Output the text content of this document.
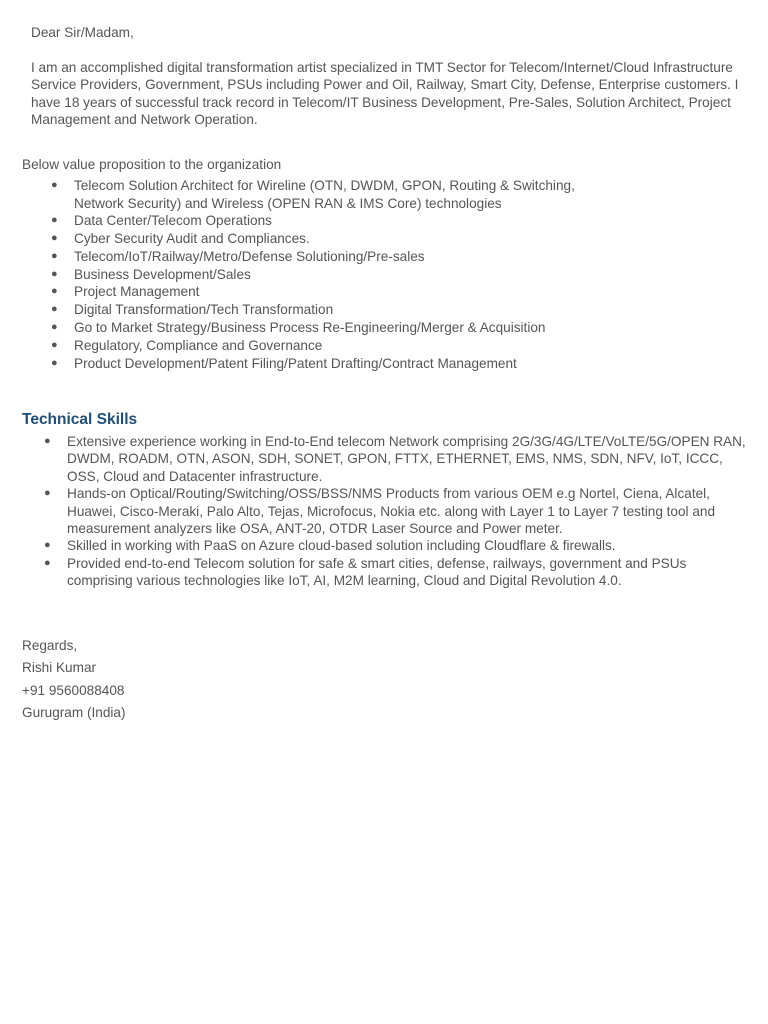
Dear Sir/Madam,

I am an accomplished digital transformation artist specialized in TMT Sector for Telecom/Internet/Cloud Infrastructure Service Providers, Government, PSUs including Power and Oil, Railway, Smart City, Defense, Enterprise customers. I have 18 years of successful track record in Telecom/IT Business Development, Pre-Sales, Solution Architect, Project Management and Network Operation.

Below value proposition to the organization

● Telecom Solution Architect for Wireline (OTN, DWDM, GPON, Routing & Switching,
Network Security) and Wireless (OPEN RAN & IMS Core) technologies
● Data Center/Telecom Operations
● Cyber Security Audit and Compliances.
● Telecom/IoT/Railway/Metro/Defense Solutioning/Pre-sales
● Business Development/Sales
● Project Management
● Digital Transformation/Tech Transformation
● Go to Market Strategy/Business Process Re-Engineering/Merger & Acquisition
● Regulatory, Compliance and Governance
● Product Development/Patent Filing/Patent Drafting/Contract Management
Technical Skills
● Extensive experience working in End-to-End telecom Network comprising 2G/3G/4G/LTE/VoLTE/5G/OPEN RAN, DWDM, ROADM, OTN, ASON, SDH, SONET, GPON, FTTX, ETHERNET, EMS, NMS, SDN, NFV, IoT, ICCC, OSS, Cloud and Datacenter infrastructure.
● Hands-on Optical/Routing/Switching/OSS/BSS/NMS Products from various OEM e.g Nortel, Ciena, Alcatel, Huawei, Cisco-Meraki, Palo Alto, Tejas, Microfocus, Nokia etc. along with Layer 1 to Layer 7 testing tool and measurement analyzers like OSA, ANT-20, OTDR Laser Source and Power meter.
● Skilled in working with PaaS on Azure cloud-based solution including Cloudflare & firewalls.
● Provided end-to-end Telecom solution for safe & smart cities, defense, railways, government and PSUs comprising various technologies like IoT, AI, M2M learning, Cloud and Digital Revolution 4.0.
Regards,
Rishi Kumar
+91 9560088408
Gurugram (India)
